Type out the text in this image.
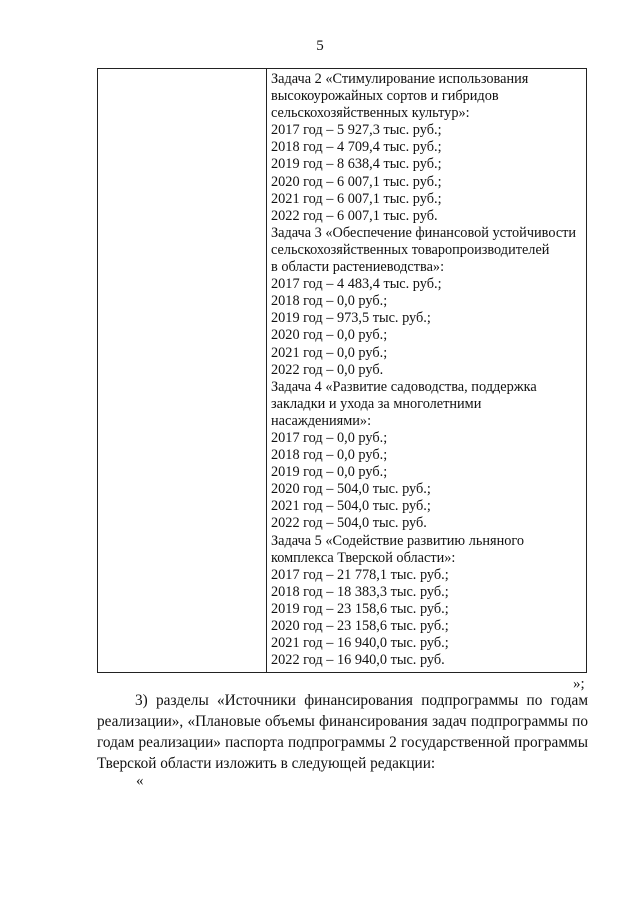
5
Задача 2 «Стимулирование использования
высокоурожайных сортов и гибридов
сельскохозяйственных культур»:
2017 год – 5 927,3 тыс. руб.;
2018 год – 4 709,4 тыс. руб.;
2019 год – 8 638,4 тыс. руб.;
2020 год – 6 007,1 тыс. руб.;
2021 год – 6 007,1 тыс. руб.;
2022 год – 6 007,1 тыс. руб.
Задача 3 «Обеспечение финансовой устойчивости
сельскохозяйственных товаропроизводителей
в области растениеводства»:
2017 год – 4 483,4 тыс. руб.;
2018 год – 0,0 руб.;
2019 год – 973,5 тыс. руб.;
2020 год – 0,0 руб.;
2021 год – 0,0 руб.;
2022 год – 0,0 руб.
Задача 4 «Развитие садоводства, поддержка
закладки и ухода за многолетними
насаждениями»:
2017 год – 0,0 руб.;
2018 год – 0,0 руб.;
2019 год – 0,0 руб.;
2020 год – 504,0 тыс. руб.;
2021 год – 504,0 тыс. руб.;
2022 год – 504,0 тыс. руб.
Задача 5 «Содействие развитию льняного
комплекса Тверской области»:
2017 год – 21 778,1 тыс. руб.;
2018 год – 18 383,3 тыс. руб.;
2019 год – 23 158,6 тыс. руб.;
2020 год – 23 158,6 тыс. руб.;
2021 год – 16 940,0 тыс. руб.;
2022 год – 16 940,0 тыс. руб.
»;
3) разделы «Источники финансирования подпрограммы по годам реализации», «Плановые объемы финансирования задач подпрограммы по годам реализации» паспорта подпрограммы 2 государственной программы Тверской области изложить в следующей редакции:
«
